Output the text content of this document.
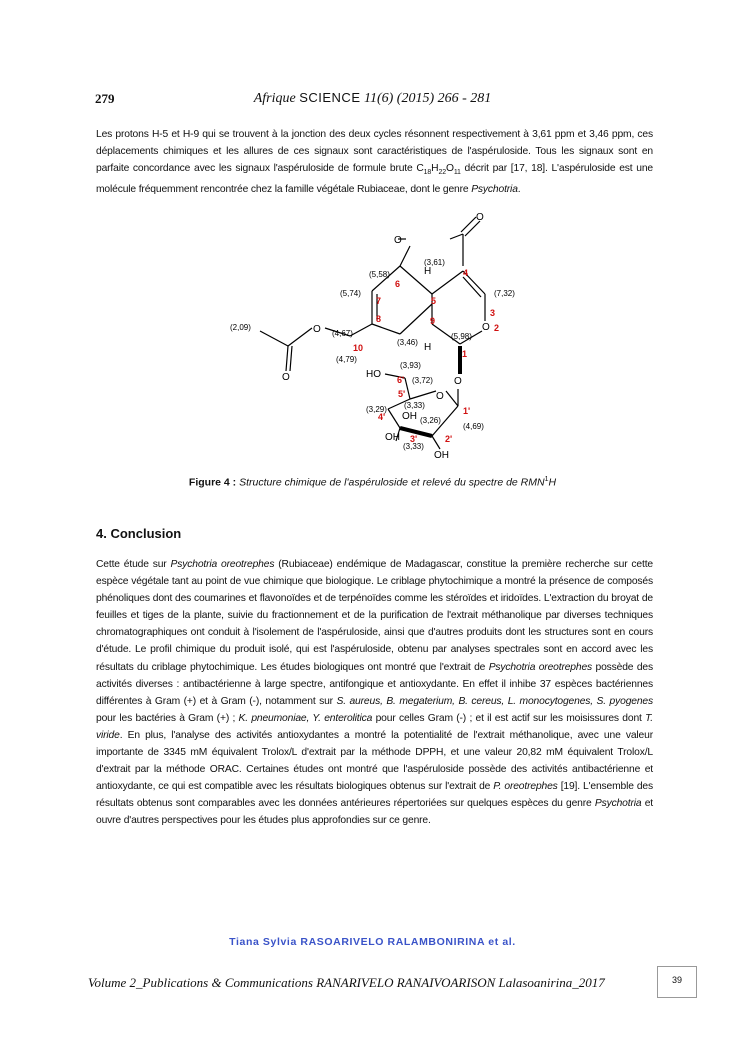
279	Afrique SCIENCE 11(6) (2015) 266 - 281
Les protons H-5 et H-9 qui se trouvent à la jonction des deux cycles résonnent respectivement à 3,61 ppm et 3,46 ppm, ces déplacements chimiques et les allures de ces signaux sont caractéristiques de l'aspéruloside. Tous les signaux sont en parfaite concordance avec les signaux l'aspéruloside de formule brute $C_{18}H_{22}O_{11}$ décrit par [17, 18]. L'aspéruloside est une molécule fréquemment rencontrée chez la famille végétale Rubiaceae, dont le genre Psychotria.
O
O
H
O
H
O
O	O
O
HO
OH
OH
OH
1
2
3
4
5
6
7
8	9
10
1'
2'
3'
4'
5'
6'
(3,61)
(5,58)
(5,74)	(7,32)
(2,09)
(4,67)
(4,79)
(3,46)
(5,98)
(3,93)
(3,72)
(3,29) (3,33)
(3,26)
(4,69)
(3,33)
Figure 4 : Structure chimique de l'aspéruloside et relevé du spectre de RMN$^1$H
4. Conclusion
Cette étude sur Psychotria oreotrephes (Rubiaceae) endémique de Madagascar, constitue la première recherche sur cette espèce végétale tant au point de vue chimique que biologique. Le criblage phytochimique a montré la présence de composés phénoliques dont des coumarines et flavonoïdes et de terpénoïdes comme les stéroïdes et iridoïdes. L'extraction du broyat de feuilles et tiges de la plante, suivie du fractionnement et de la purification de l'extrait méthanolique par diverses techniques chromatographiques ont conduit à l'isolement de l'aspéruloside, ainsi que d'autres produits dont les structures sont en cours d'étude. Le profil chimique du produit isolé, qui est l'aspéruloside, obtenu par analyses spectrales sont en accord avec les résultats du criblage phytochimique. Les études biologiques ont montré que l'extrait de Psychotria oreotrephes possède des activités diverses : antibactérienne à large spectre, antifongique et antioxydante. En effet il inhibe 37 espèces bactériennes différentes à Gram (+) et à Gram (-), notamment sur S. aureus, B. megaterium, B. cereus, L. monocytogenes, S. pyogenes pour les bactéries à Gram (+) ; K. pneumoniae, Y. enterolitica pour celles Gram (-) ; et il est actif sur les moisissures dont T. viride. En plus, l'analyse des activités antioxydantes a montré la potentialité de l'extrait méthanolique, avec une valeur importante de 3345 mM équivalent Trolox/L d'extrait par la méthode DPPH, et une valeur 20,82 mM équivalent Trolox/L d'extrait par la méthode ORAC. Certaines études ont montré que l'aspéruloside possède des activités antibactérienne et antioxydante, ce qui est compatible avec les résultats biologiques obtenus sur l'extrait de P. oreotrephes [19]. L'ensemble des résultats obtenus sont comparables avec les données antérieures répertoriées sur quelques espèces du genre Psychotria et ouvre d'autres perspectives pour les études plus approfondies sur ce genre.
Tiana Sylvia RASOARIVELO RALAMBONIRINA et al.
Volume 2_Publications & Communications RANARIVELO RANAIVOARISON Lalasoanirina_2017	39
